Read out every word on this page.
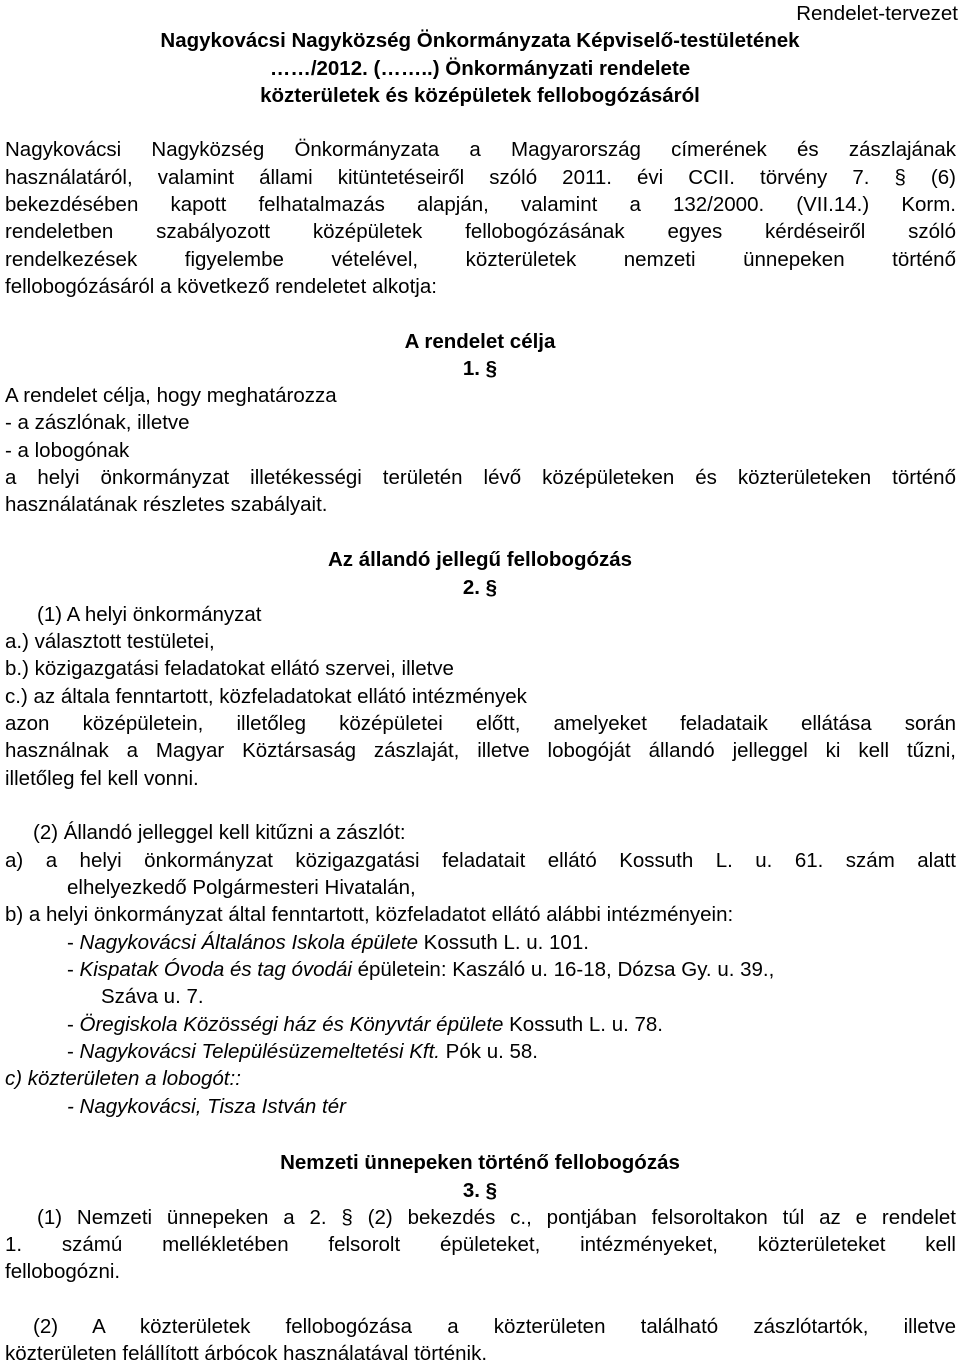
Rendelet-tervezet
Nagykovácsi Nagyközség Önkormányzata Képviselő-testületének
……/2012. (……..) Önkormányzati rendelete
közterületek és középületek fellobogózásáról
Nagykovácsi Nagyközség Önkormányzata a Magyarország címerének és zászlajának
használatáról, valamint állami kitüntetéseiről szóló 2011. évi CCII. törvény 7. § (6)
bekezdésében kapott felhatalmazás alapján, valamint a 132/2000. (VII.14.) Korm.
rendeletben szabályozott középületek fellobogózásának egyes kérdéseiről szóló
rendelkezések figyelembe vételével, közterületek nemzeti ünnepeken történő
fellobogózásáról a következő rendeletet alkotja:
A rendelet célja
1. §
A rendelet célja, hogy meghatározza
- a zászlónak, illetve
- a lobogónak
a helyi önkormányzat illetékességi területén lévő középületeken és közterületeken történő
használatának részletes szabályait.
Az állandó jellegű fellobogózás
2. §
(1) A helyi önkormányzat
a.) választott testületei,
b.) közigazgatási feladatokat ellátó szervei, illetve
c.) az általa fenntartott, közfeladatokat ellátó intézmények
azon középületein, illetőleg középületei előtt, amelyeket feladataik ellátása során
használnak a Magyar Köztársaság zászlaját, illetve lobogóját állandó jelleggel ki kell tűzni,
illetőleg fel kell vonni.
(2) Állandó jelleggel kell kitűzni a zászlót:
a) a helyi önkormányzat közigazgatási feladatait ellátó Kossuth L. u. 61. szám alatt
elhelyezkedő Polgármesteri Hivatalán,
b) a helyi önkormányzat által fenntartott, közfeladatot ellátó alábbi intézményein:
- Nagykovácsi Általános Iskola épülete Kossuth L. u. 101.
- Kispatak Óvoda és tag óvodái épületein: Kaszáló u. 16-18, Dózsa Gy. u. 39.,
Száva u. 7.
- Öregiskola Közösségi ház és Könyvtár épülete Kossuth L. u. 78.
- Nagykovácsi Településüzemeltetési Kft. Pók u. 58.
c) közterületen a lobogót::
- Nagykovácsi, Tisza István tér
Nemzeti ünnepeken történő fellobogózás
3. §
(1) Nemzeti ünnepeken a 2. § (2) bekezdés c., pontjában felsoroltakon túl az e rendelet
1. számú mellékletében felsorolt épületeket, intézményeket, közterületeket kell
fellobogózni.
(2) A közterületek fellobogózása a közterületen található zászlótartók, illetve
közterületen felállított árbócok használatával történik.
